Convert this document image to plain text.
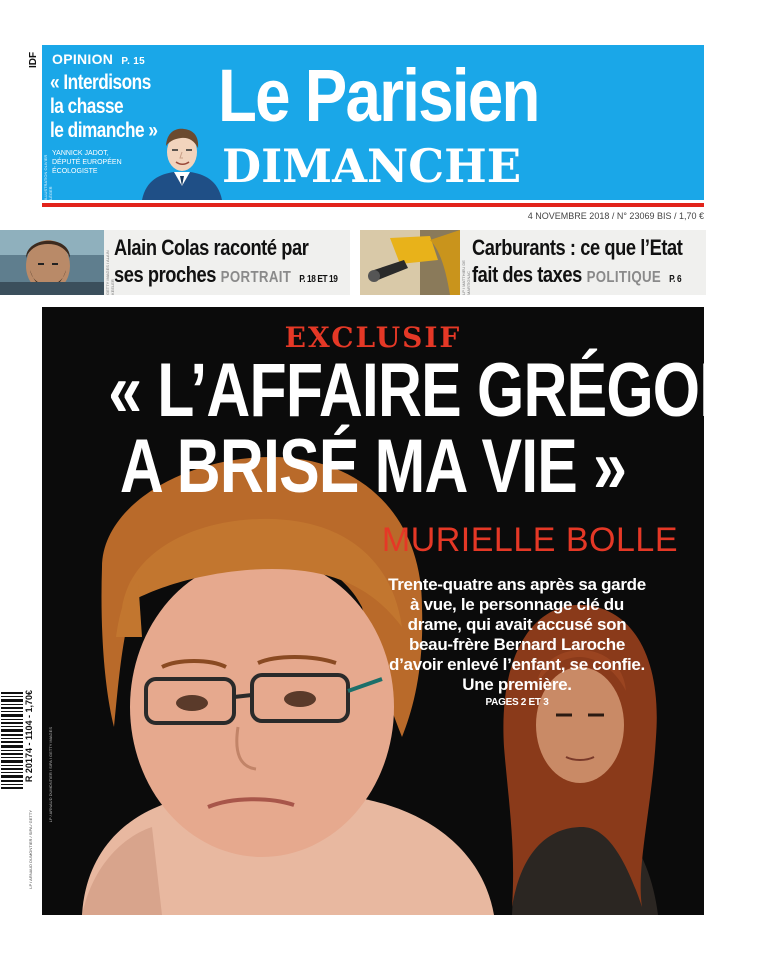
IDF OPINION P. 15
« Interdisons
la chasse
le dimanche »
YANNICK JADOT,
DÉPUTÉ EUROPÉEN
ÉCOLOGISTE
ILLUSTRATION OLIVIER LÉGER
Le Parisien
DIMANCHE
4 NOVEMBRE 2018 / N° 23069 BIS / 1,70 €
GETTY IMAGES / ALAIN KEELER
Alain Colas raconté par
ses proches PORTRAIT P. 18 ET 19	LP / MATTHIEU DE MARTIGNAC
Carburants : ce que l’Etat
fait des taxes POLITIQUE P. 6
EXCLUSIF
« L’AFFAIRE GRÉGORY
A BRISÉ MA VIE »
MURIELLE BOLLE
Trente-quatre ans après sa garde à vue, le personnage clé du drame, qui avait accusé son beau-frère Bernard Laroche d’avoir enlevé l’enfant, se confie. Une première.
PAGES 2 ET 3
LP / ARNAUD DUMONTIER / SIPA / GETTY IMAGES
R 20174 - 1104 - 1,70€
LP / ARNAUD DUMONTIER / SIPA / GETTY
